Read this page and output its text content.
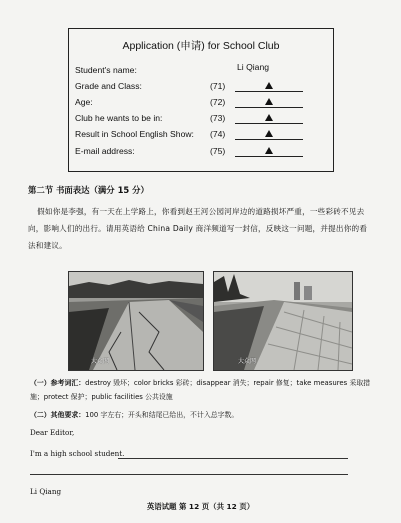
Application (申请) for School Club
Student's name:	Li Qiang
Grade and Class:	(71)
Age:	(72)
Club he wants to be in:	(73)
Result in School English Show: (74)
E-mail address:	(75)
第二节 书面表达（满分 15 分）
假如你是李强，有一天在上学路上，你看到赵王河公园河岸边的道路损坏严重，一些彩砖不见去向，影响人们的出行。请用英语给 China Daily 商洋频道写一封信，反映这一问题，并提出你的看法和建议。
大众网	大众网
（一）参考词汇：destroy 毁坏；color bricks 彩砖；disappear 消失；repair 修复；take measures 采取措施；protect 保护；public facilities 公共设施
（二）其他要求：100 字左右；开头和结尾已给出，不计入总字数。
Dear Editor,
I'm a high school student.
Li Qiang
英语试题 第 12 页（共 12 页）
